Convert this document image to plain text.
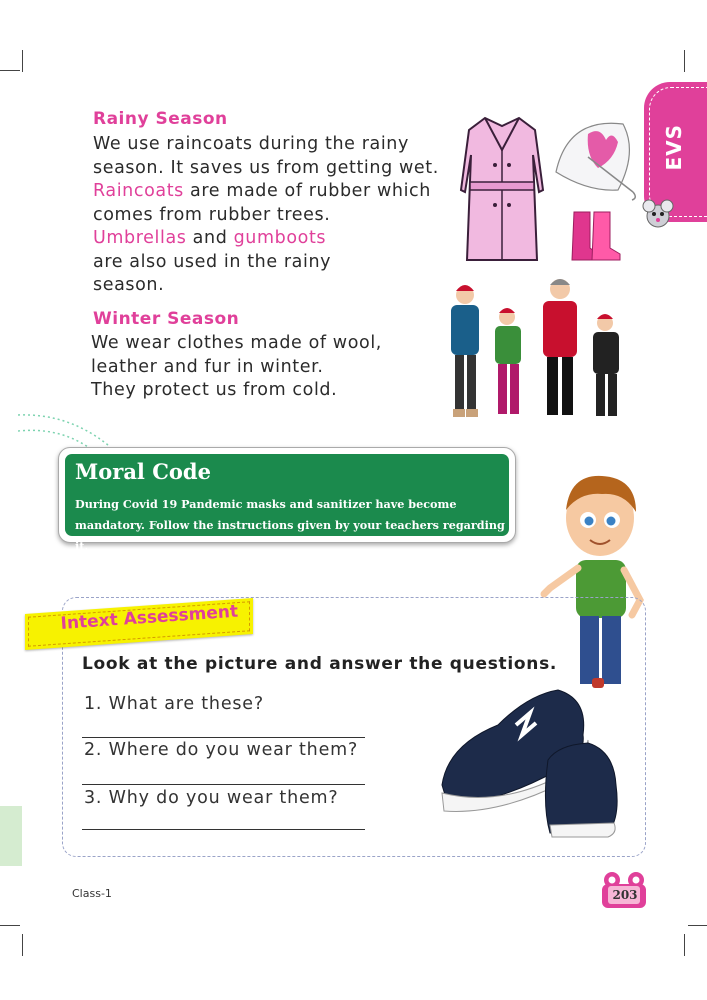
EVS
Rainy Season
We use raincoats during the rainy
season. It saves us from getting wet.
Raincoats are made of rubber which
comes from rubber trees.
Umbrellas and gumboots
are also used in the rainy
season.
Winter Season
We wear clothes made of wool,
leather and fur in winter.
They protect us from cold.
Moral Code
During Covid 19 Pandemic masks and sanitizer have become mandatory. Follow the instructions given by your teachers regarding it.
Intext Assessment
Look at the picture and answer the questions.
1. What are these?
2. Where do you wear them?
3. Why do you wear them?
Class-1	203
